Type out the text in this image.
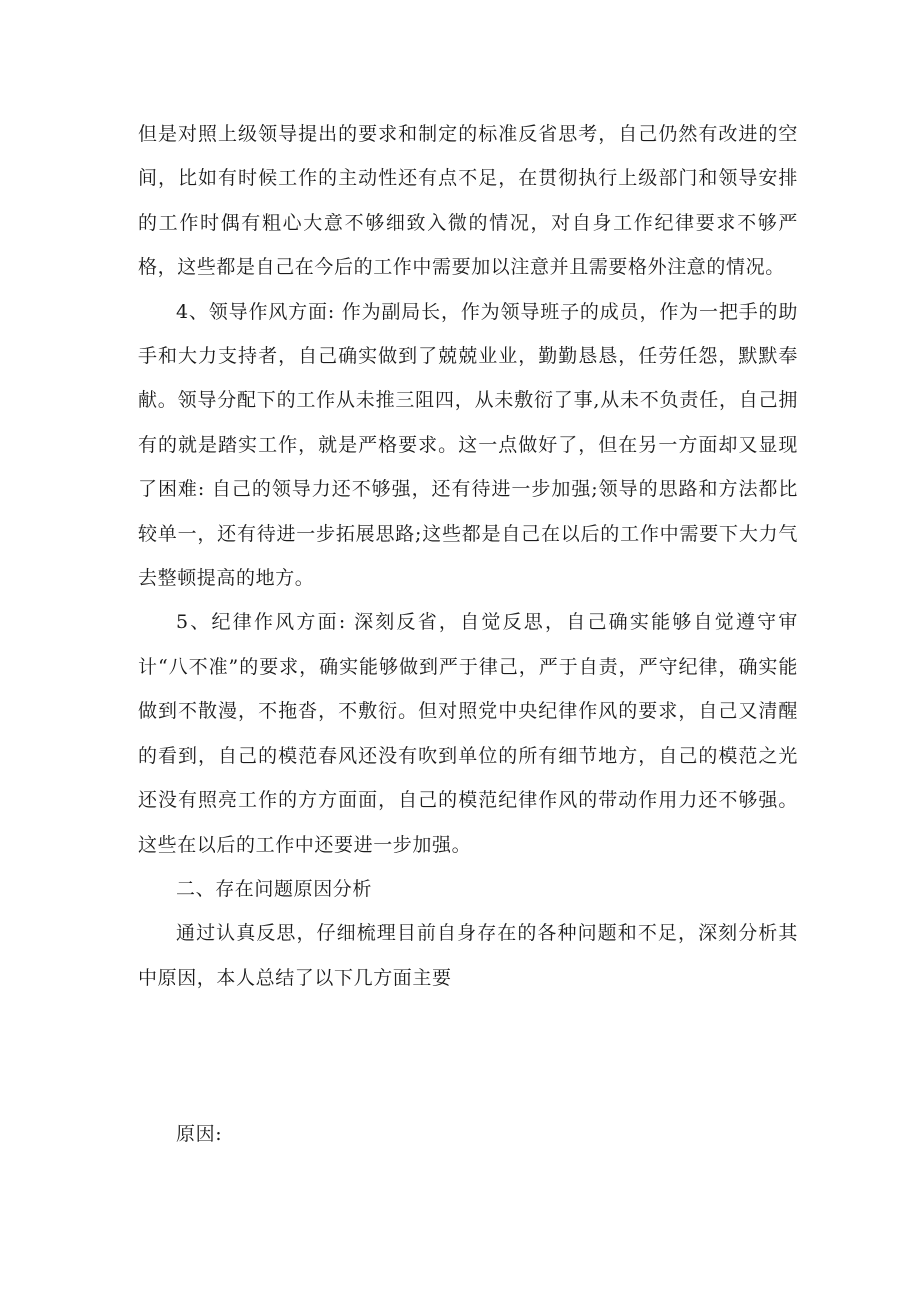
但是对照上级领导提出的要求和制定的标准反省思考，自己仍然有改进的空间，比如有时候工作的主动性还有点不足，在贯彻执行上级部门和领导安排的工作时偶有粗心大意不够细致入微的情况，对自身工作纪律要求不够严格，这些都是自己在今后的工作中需要加以注意并且需要格外注意的情况。

4、领导作风方面: 作为副局长，作为领导班子的成员，作为一把手的助手和大力支持者，自己确实做到了兢兢业业，勤勤恳恳，任劳任怨，默默奉献。领导分配下的工作从未推三阻四，从未敷衍了事,从未不负责任，自己拥有的就是踏实工作，就是严格要求。这一点做好了，但在另一方面却又显现了困难: 自己的领导力还不够强，还有待进一步加强;领导的思路和方法都比较单一，还有待进一步拓展思路;这些都是自己在以后的工作中需要下大力气去整顿提高的地方。

5、纪律作风方面: 深刻反省，自觉反思，自己确实能够自觉遵守审计“八不准”的要求，确实能够做到严于律己，严于自责，严守纪律，确实能做到不散漫，不拖沓，不敷衍。但对照党中央纪律作风的要求，自己又清醒的看到，自己的模范春风还没有吹到单位的所有细节地方，自己的模范之光还没有照亮工作的方方面面，自己的模范纪律作风的带动作用力还不够强。这些在以后的工作中还要进一步加强。

二、存在问题原因分析

通过认真反思，仔细梳理目前自身存在的各种问题和不足，深刻分析其中原因，本人总结了以下几方面主要

原因:
